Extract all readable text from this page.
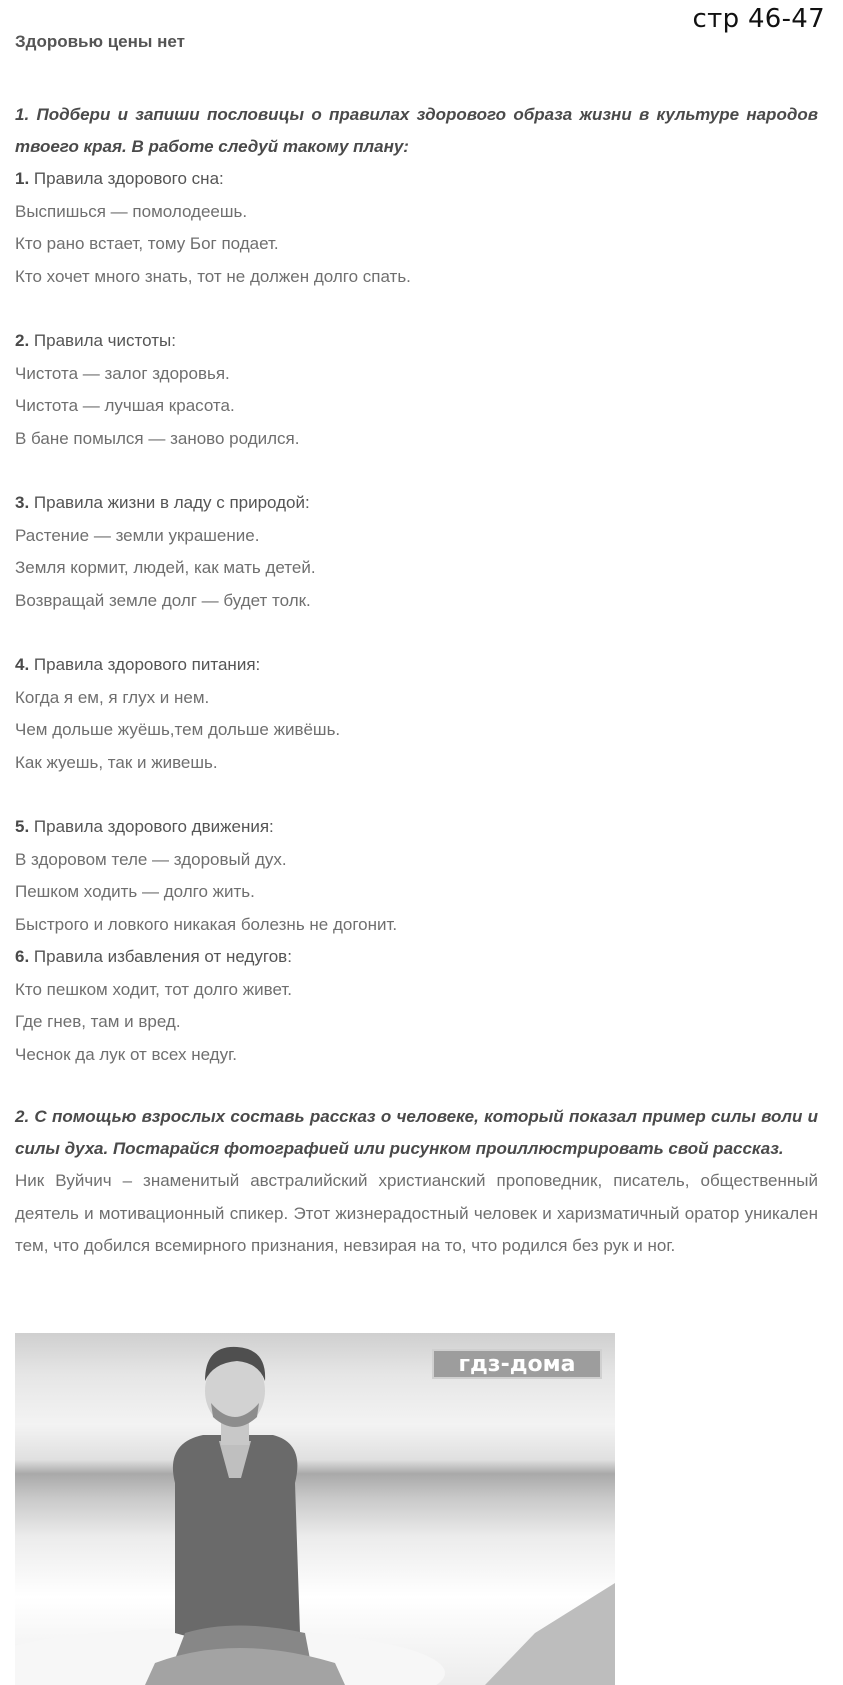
стр 46-47
Здоровью цены нет

1. Подбери и запиши пословицы о правилах здорового образа жизни в культуре народов твоего края. В работе следуй такому плану:

1. Правила здорового сна:

Выспишься — помолодеешь.

Кто рано встает, тому Бог подает.

Кто хочет много знать, тот не должен долго спать.

2. Правила чистоты:

Чистота — залог здоровья.

Чистота — лучшая красота.

В бане помылся — заново родился.

3. Правила жизни в ладу с природой:

Растение — земли украшение.

Земля кормит, людей, как мать детей.

Возвращай земле долг — будет толк.

4. Правила здорового питания:

Когда я ем, я глух и нем.

Чем дольше жуёшь,тем дольше живёшь.

Как жуешь, так и живешь.

5. Правила здорового движения:

В здоровом теле — здоровый дух.

Пешком ходить — долго жить.

Быстрого и ловкого никакая болезнь не догонит.

6. Правила избавления от недугов:

Кто пешком ходит, тот долго живет.

Где гнев, там и вред.

Чеснок да лук от всех недуг.

2. С помощью взрослых составь рассказ о человеке, который показал пример силы воли и силы духа. Постарайся фотографией или рисунком проиллюстрировать свой рассказ.

Ник Вуйчич – знаменитый австралийский христианский проповедник, писатель, общественный деятель и мотивационный спикер. Этот жизнерадостный человек и харизматичный оратор уникален тем, что добился всемирного признания, невзирая на то, что родился без рук и ног.

гдз-дома
